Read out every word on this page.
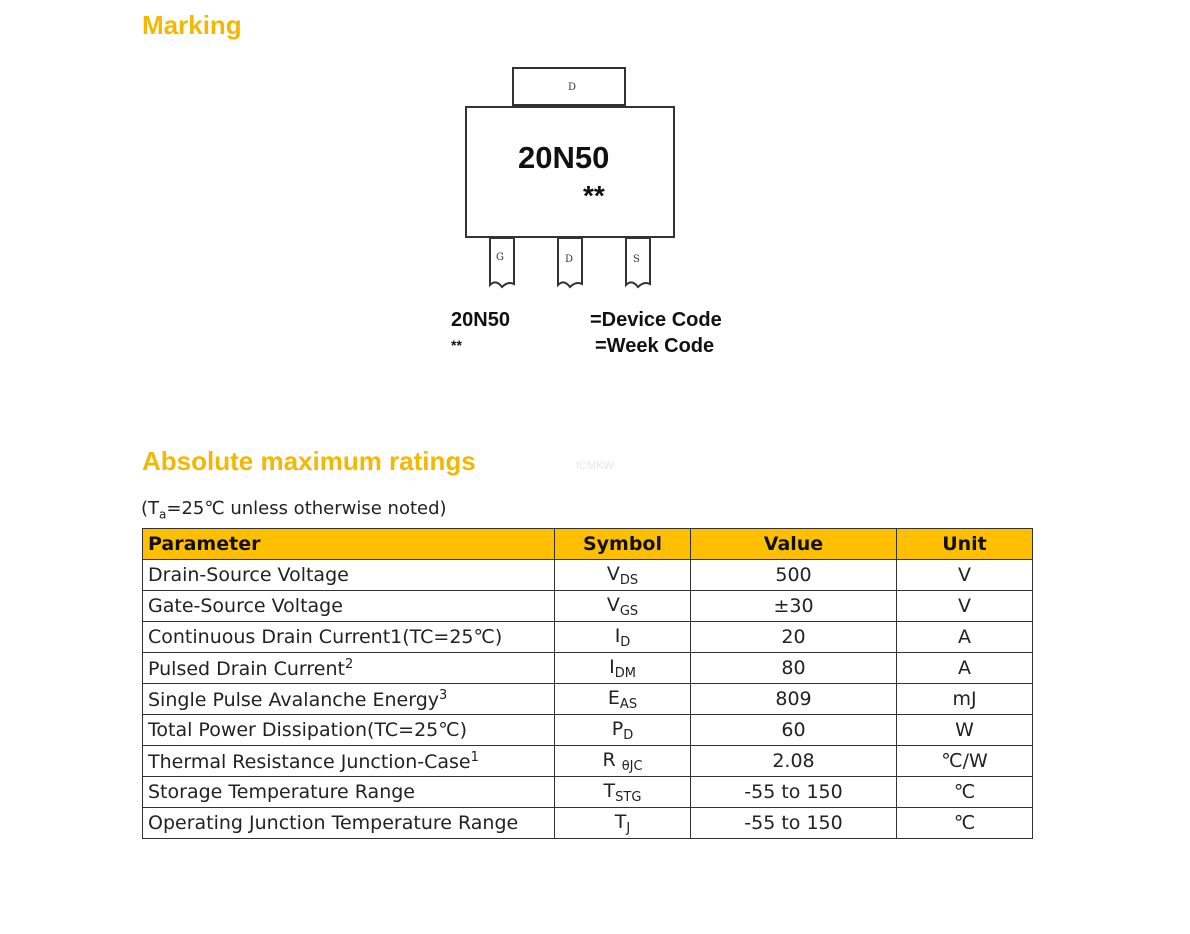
Marking
D
20N50
**
G	D	S
20N50	=Device Code
**	=Week Code
Absolute maximum ratings	ICMKW
($T_a=25℃$ unless otherwise noted)
Parameter	Symbol	Value	Unit
Drain-Source Voltage	$V_{DS}$	500	V
Gate-Source Voltage	$V_{GS}$	±30	V
Continuous Drain Current1(TC=25℃)	$I_D$	20	A
Pulsed Drain Current$^2$	$I_{DM}$	80	A
Single Pulse Avalanche Energy$^3$	$E_{AS}$	809	mJ
Total Power Dissipation(TC=25℃)	$P_D$	60	W
Thermal Resistance Junction-Case$^1$	R $_{\theta JC}$	2.08	℃/W
Storage Temperature Range	$T_{STG}$	-55 to 150	℃
Operating Junction Temperature Range	$T_J$	-55 to 150	℃
